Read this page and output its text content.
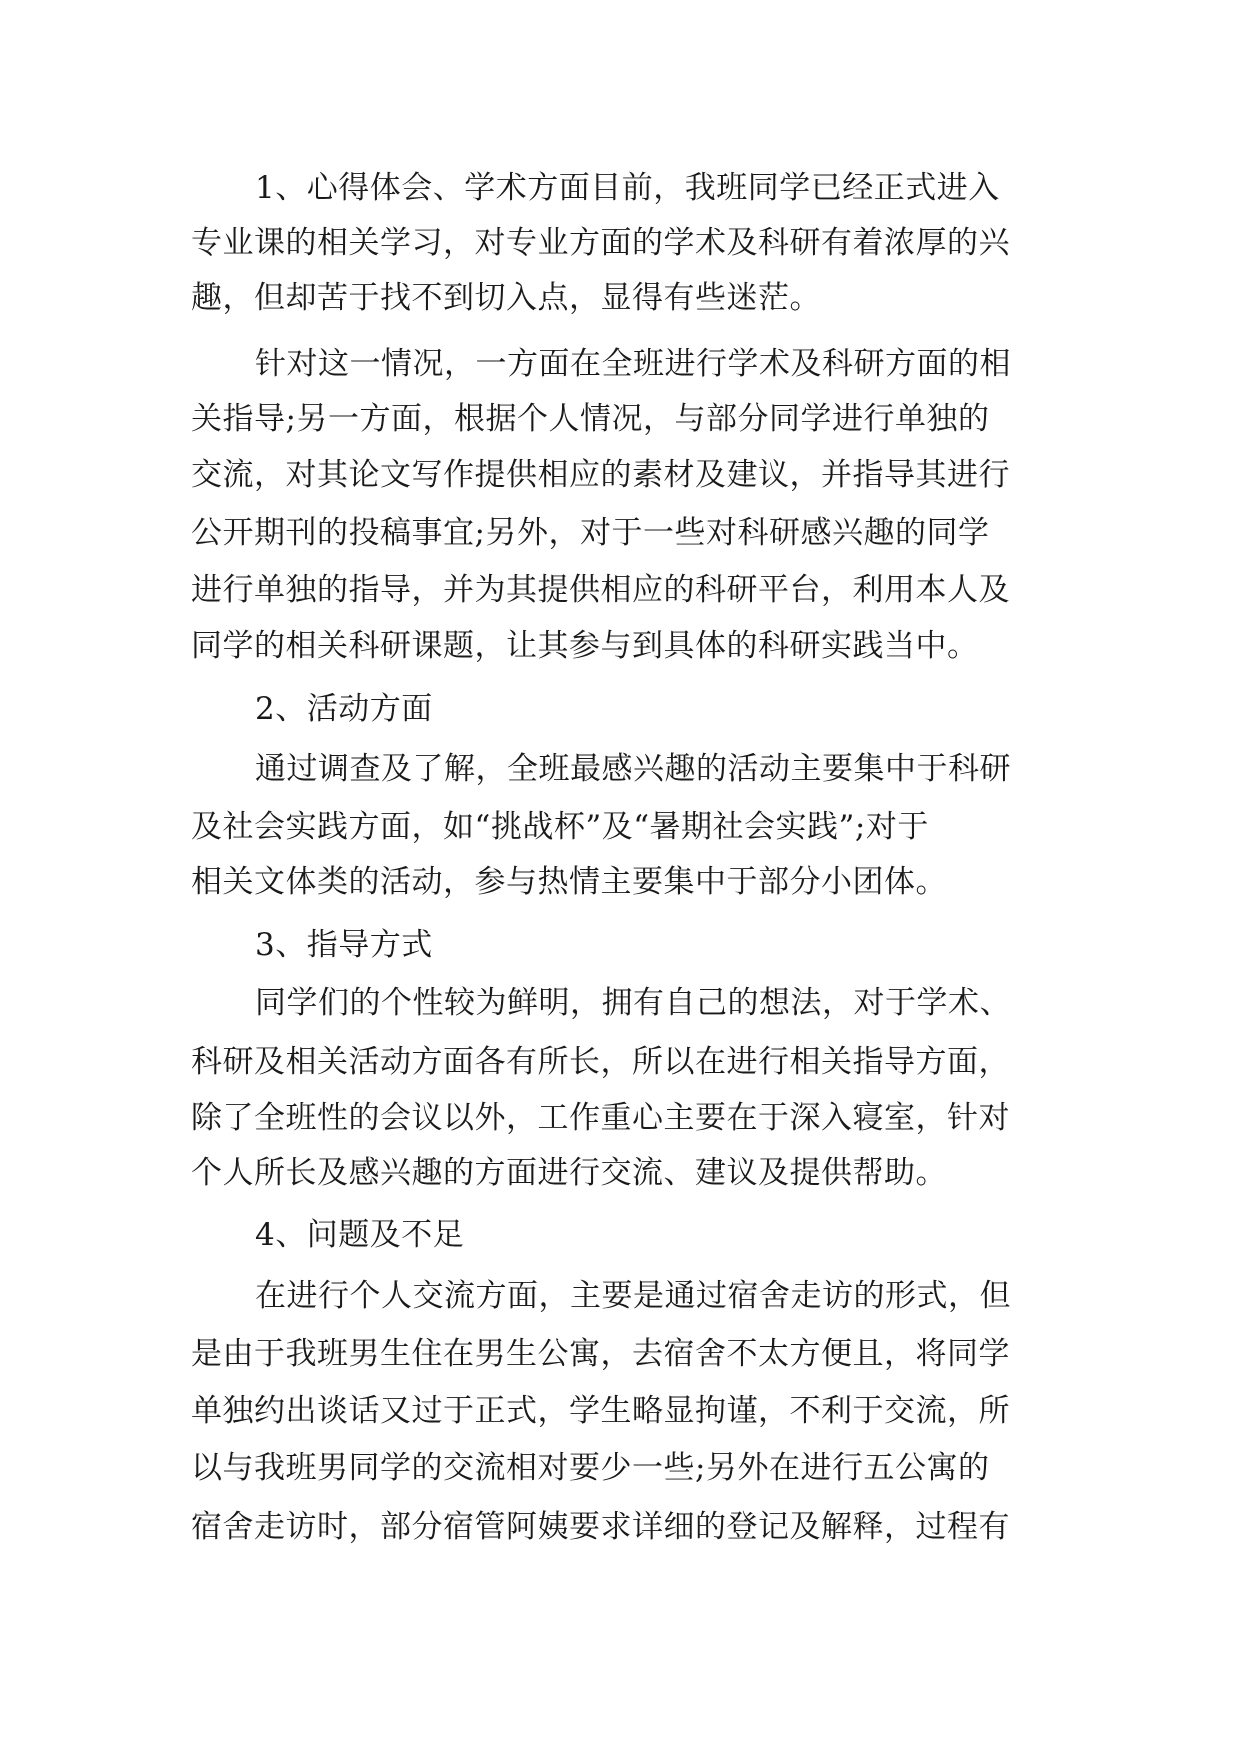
1、心得体会、学术方面目前，我班同学已经正式进入

专业课的相关学习，对专业方面的学术及科研有着浓厚的兴

趣，但却苦于找不到切入点，显得有些迷茫。

针对这一情况，一方面在全班进行学术及科研方面的相

关指导;另一方面，根据个人情况，与部分同学进行单独的

交流，对其论文写作提供相应的素材及建议，并指导其进行

公开期刊的投稿事宜;另外，对于一些对科研感兴趣的同学

进行单独的指导，并为其提供相应的科研平台，利用本人及

同学的相关科研课题，让其参与到具体的科研实践当中。

2、活动方面

通过调查及了解，全班最感兴趣的活动主要集中于科研

及社会实践方面，如“挑战杯”及“暑期社会实践”;对于

相关文体类的活动，参与热情主要集中于部分小团体。

3、指导方式

同学们的个性较为鲜明，拥有自己的想法，对于学术、

科研及相关活动方面各有所长，所以在进行相关指导方面，

除了全班性的会议以外，工作重心主要在于深入寝室，针对

个人所长及感兴趣的方面进行交流、建议及提供帮助。

4、问题及不足

在进行个人交流方面，主要是通过宿舍走访的形式，但

是由于我班男生住在男生公寓，去宿舍不太方便且，将同学

单独约出谈话又过于正式，学生略显拘谨，不利于交流，所

以与我班男同学的交流相对要少一些;另外在进行五公寓的

宿舍走访时，部分宿管阿姨要求详细的登记及解释，过程有
